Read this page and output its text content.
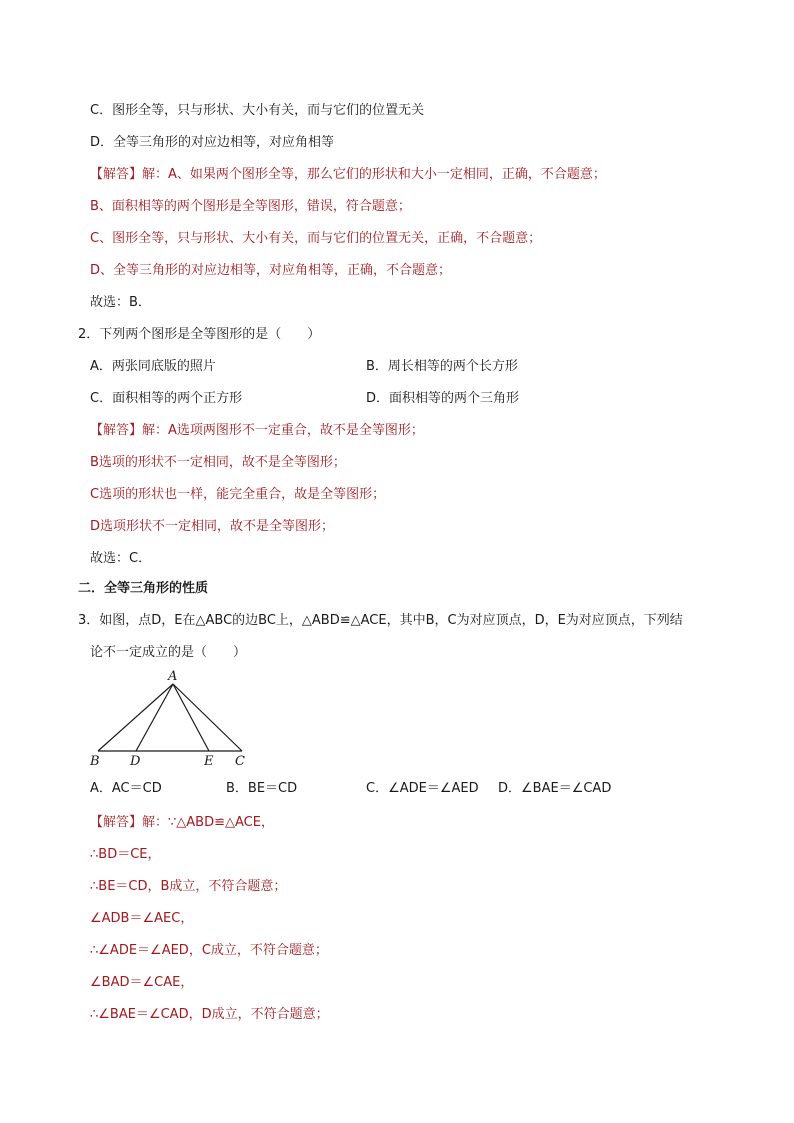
C．图形全等，只与形状、大小有关，而与它们的位置无关
D．全等三角形的对应边相等，对应角相等
【解答】解：A、如果两个图形全等，那么它们的形状和大小一定相同，正确，不合题意；
B、面积相等的两个图形是全等图形，错误，符合题意；
C、图形全等，只与形状、大小有关，而与它们的位置无关，正确，不合题意；
D、全等三角形的对应边相等，对应角相等，正确，不合题意；
故选：B．
2．下列两个图形是全等图形的是（　　）
A．两张同底版的照片	B．周长相等的两个长方形
C．面积相等的两个正方形	D．面积相等的两个三角形
【解答】解：A选项两图形不一定重合，故不是全等图形；
B选项的形状不一定相同，故不是全等图形；
C选项的形状也一样，能完全重合，故是全等图形；
D选项形状不一定相同，故不是全等图形；
故选：C．
二．全等三角形的性质
3．如图，点D，E在△ABC的边BC上，△ABD≌△ACE，其中B，C为对应顶点，D，E为对应顶点，下列结
论不一定成立的是（　　）
A
B D	E C
A．AC＝CD	B．BE＝CD	C．∠ADE＝∠AED D．∠BAE＝∠CAD
【解答】解：∵△ABD≌△ACE，
∴BD＝CE，
∴BE＝CD，B成立，不符合题意；
∠ADB＝∠AEC，
∴∠ADE＝∠AED，C成立，不符合题意；
∠BAD＝∠CAE，
∴∠BAE＝∠CAD，D成立，不符合题意；
